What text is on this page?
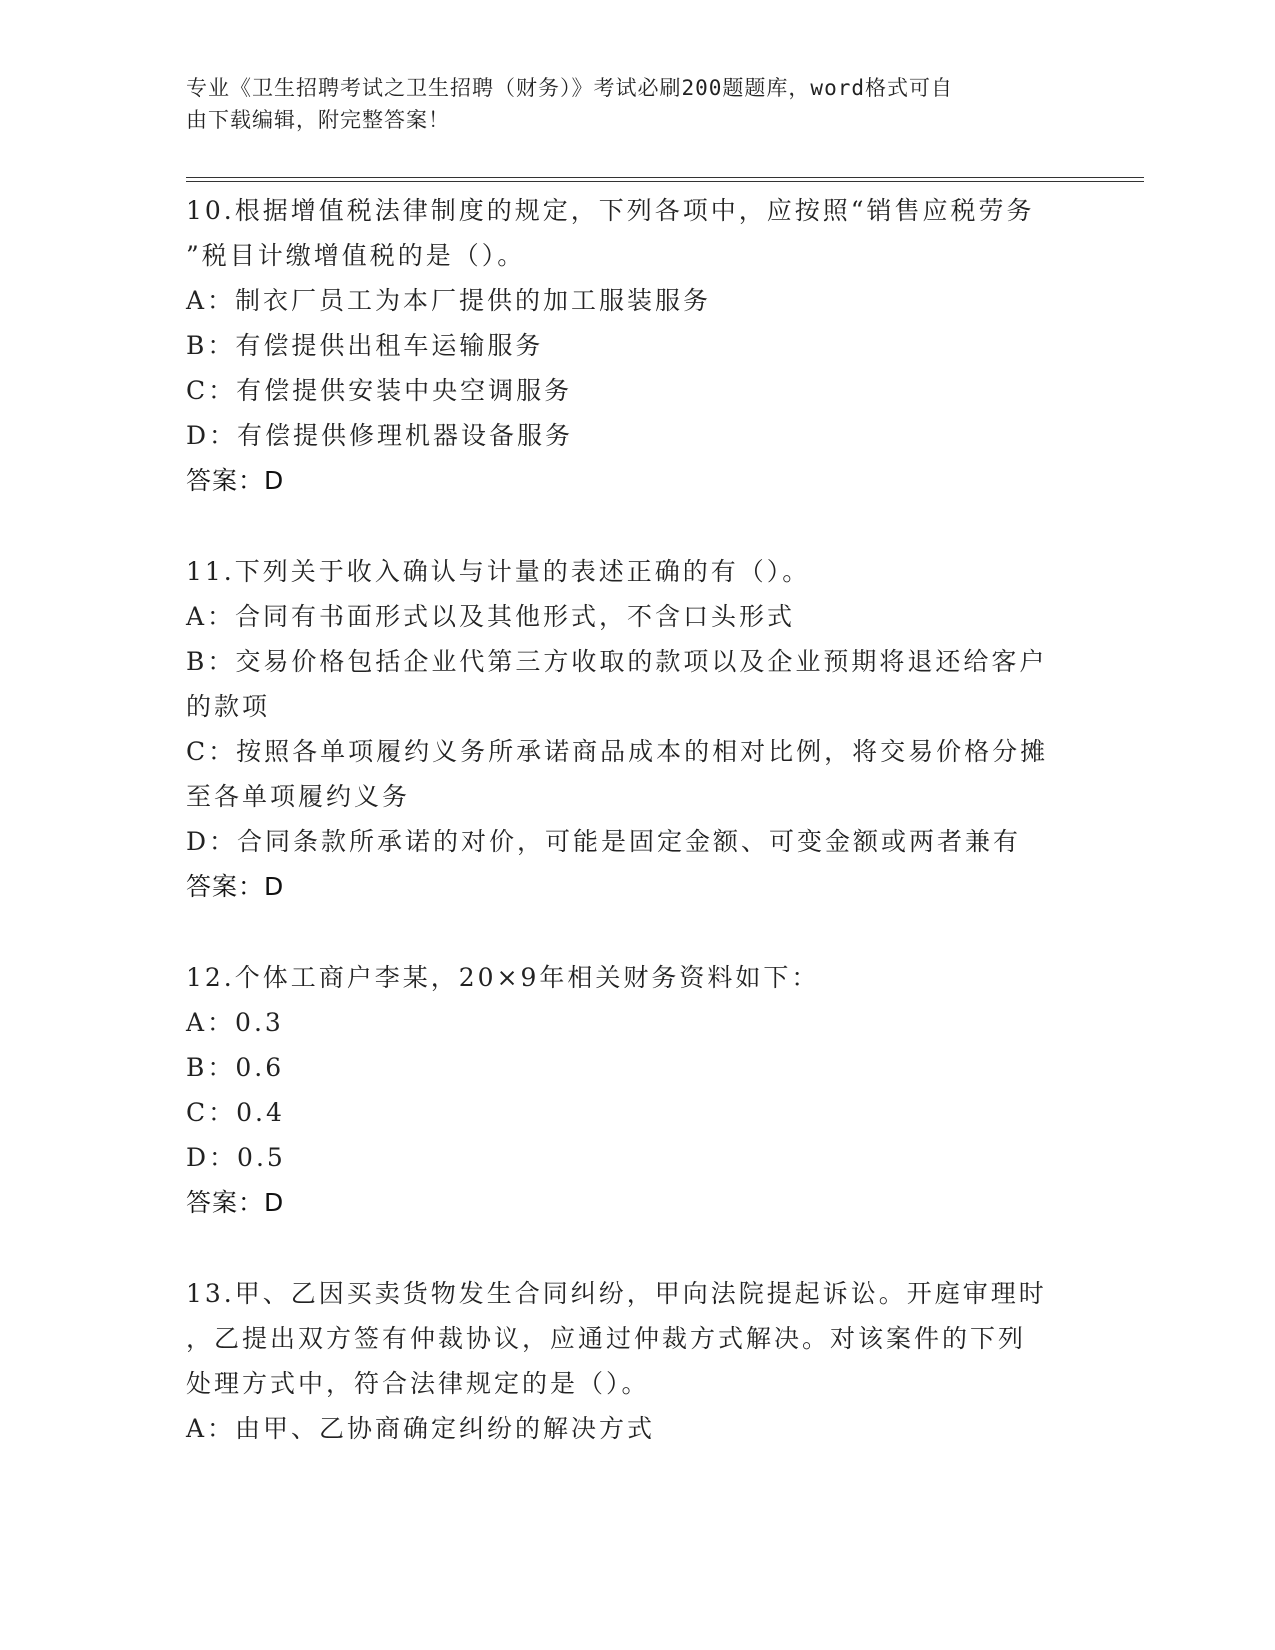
专业《卫生招聘考试之卫生招聘（财务）》考试必刷200题题库，word格式可自
由下载编辑，附完整答案！
10.根据增值税法律制度的规定，下列各项中，应按照“销售应税劳务
”税目计缴增值税的是（）。
A：制衣厂员工为本厂提供的加工服装服务
B：有偿提供出租车运输服务
C：有偿提供安装中央空调服务
D：有偿提供修理机器设备服务
答案：D
11.下列关于收入确认与计量的表述正确的有（）。
A：合同有书面形式以及其他形式，不含口头形式
B：交易价格包括企业代第三方收取的款项以及企业预期将退还给客户
的款项
C：按照各单项履约义务所承诺商品成本的相对比例，将交易价格分摊
至各单项履约义务
D：合同条款所承诺的对价，可能是固定金额、可变金额或两者兼有
答案：D
12.个体工商户李某，20×9年相关财务资料如下：
A：0.3
B：0.6
C：0.4
D：0.5
答案：D
13.甲、乙因买卖货物发生合同纠纷，甲向法院提起诉讼。开庭审理时
，乙提出双方签有仲裁协议，应通过仲裁方式解决。对该案件的下列
处理方式中，符合法律规定的是（）。
A：由甲、乙协商确定纠纷的解决方式
